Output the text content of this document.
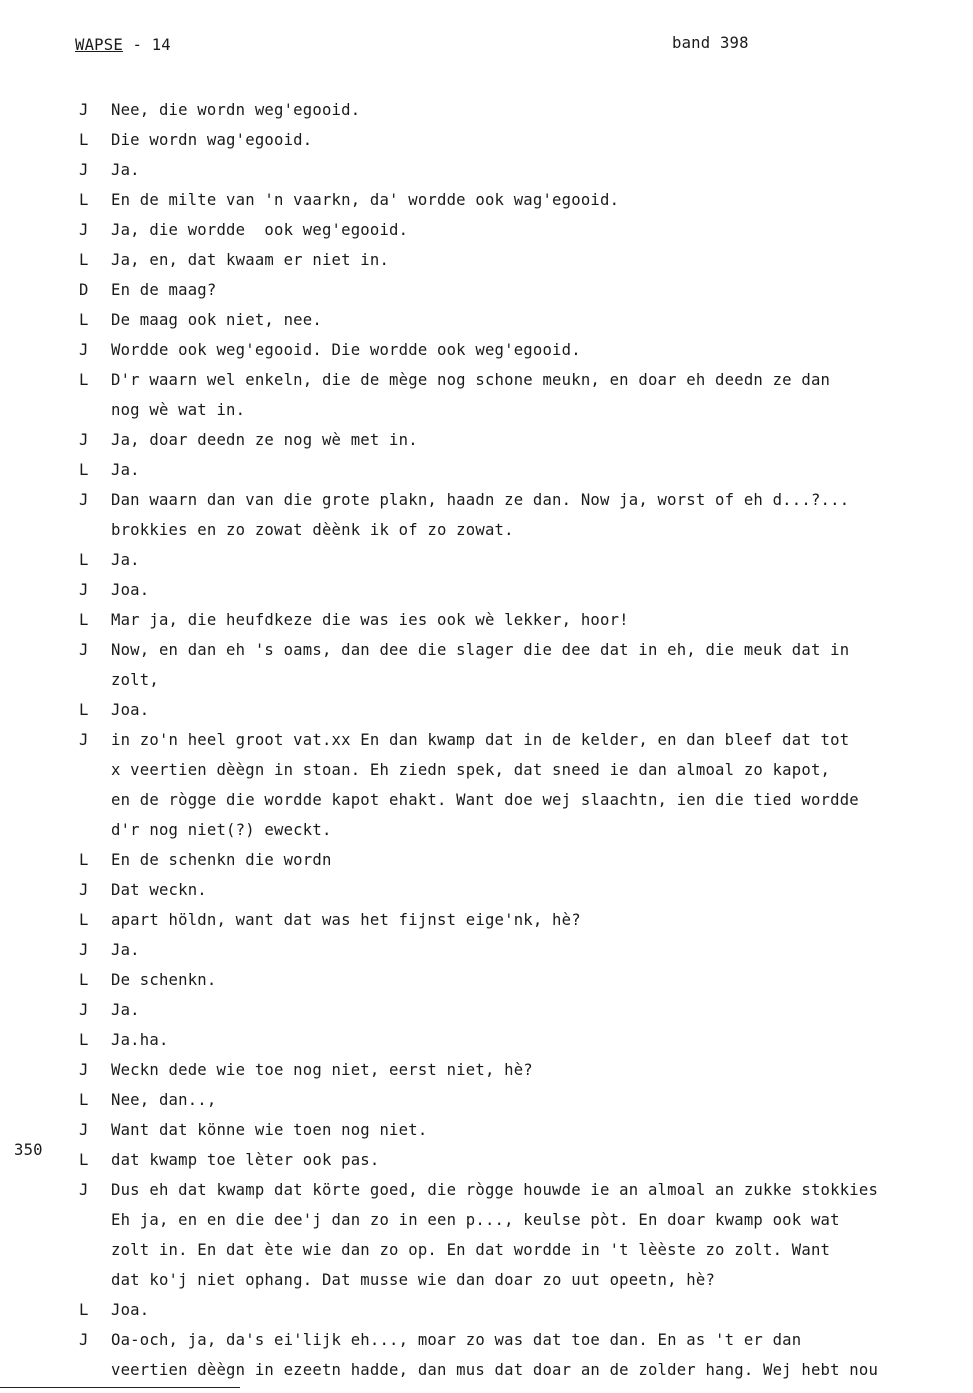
WAPSE - 14	band 398
350
J	Nee, die wordn weg'egooid.
L	Die wordn wag'egooid.
J	Ja.
L	En de milte van 'n vaarkn, da' wordde ook wag'egooid.
J	Ja, die wordde  ook weg'egooid.
L	Ja, en, dat kwaam er niet in.
D	En de maag?
L	De maag ook niet, nee.
J	Wordde ook weg'egooid. Die wordde ook weg'egooid.
L	D'r waarn wel enkeln, die de mège nog schone meukn, en doar eh deedn ze dan
nog wè wat in.
J	Ja, doar deedn ze nog wè met in.
L	Ja.
J	Dan waarn dan van die grote plakn, haadn ze dan. Now ja, worst of eh d...?...
brokkies en zo zowat dèènk ik of zo zowat.
L	Ja.
J	Joa.
L	Mar ja, die heufdkeze die was ies ook wè lekker, hoor!
J	Now, en dan eh 's oams, dan dee die slager die dee dat in eh, die meuk dat in
zolt,
L	Joa.
J	in zo'n heel groot vat.xx En dan kwamp dat in de kelder, en dan bleef dat tot
x veertien dèègn in stoan. Eh ziedn spek, dat sneed ie dan almoal zo kapot,
en de rògge die wordde kapot ehakt. Want doe wej slaachtn, ien die tied wordde
d'r nog niet(?) eweckt.
L	En de schenkn die wordn
J	Dat weckn.
L	apart höldn, want dat was het fijnst eige'nk, hè?
J	Ja.
L	De schenkn.
J	Ja.
L	Ja.ha.
J	Weckn dede wie toe nog niet, eerst niet, hè?
L	Nee, dan..,
J	Want dat könne wie toen nog niet.
L	dat kwamp toe lèter ook pas.
J	Dus eh dat kwamp dat körte goed, die rògge houwde ie an almoal an zukke stokkies
Eh ja, en en die dee'j dan zo in een p..., keulse pòt. En doar kwamp ook wat
zolt in. En dat ète wie dan zo op. En dat wordde in 't lèèste zo zolt. Want
dat ko'j niet ophang. Dat musse wie dan doar zo uut opeetn, hè?
L	Joa.
J	Oa-och, ja, da's ei'lijk eh..., moar zo was dat toe dan. En as 't er dan
veertien dèègn in ezeetn hadde, dan mus dat doar an de zolder hang. Wej hebt nou
